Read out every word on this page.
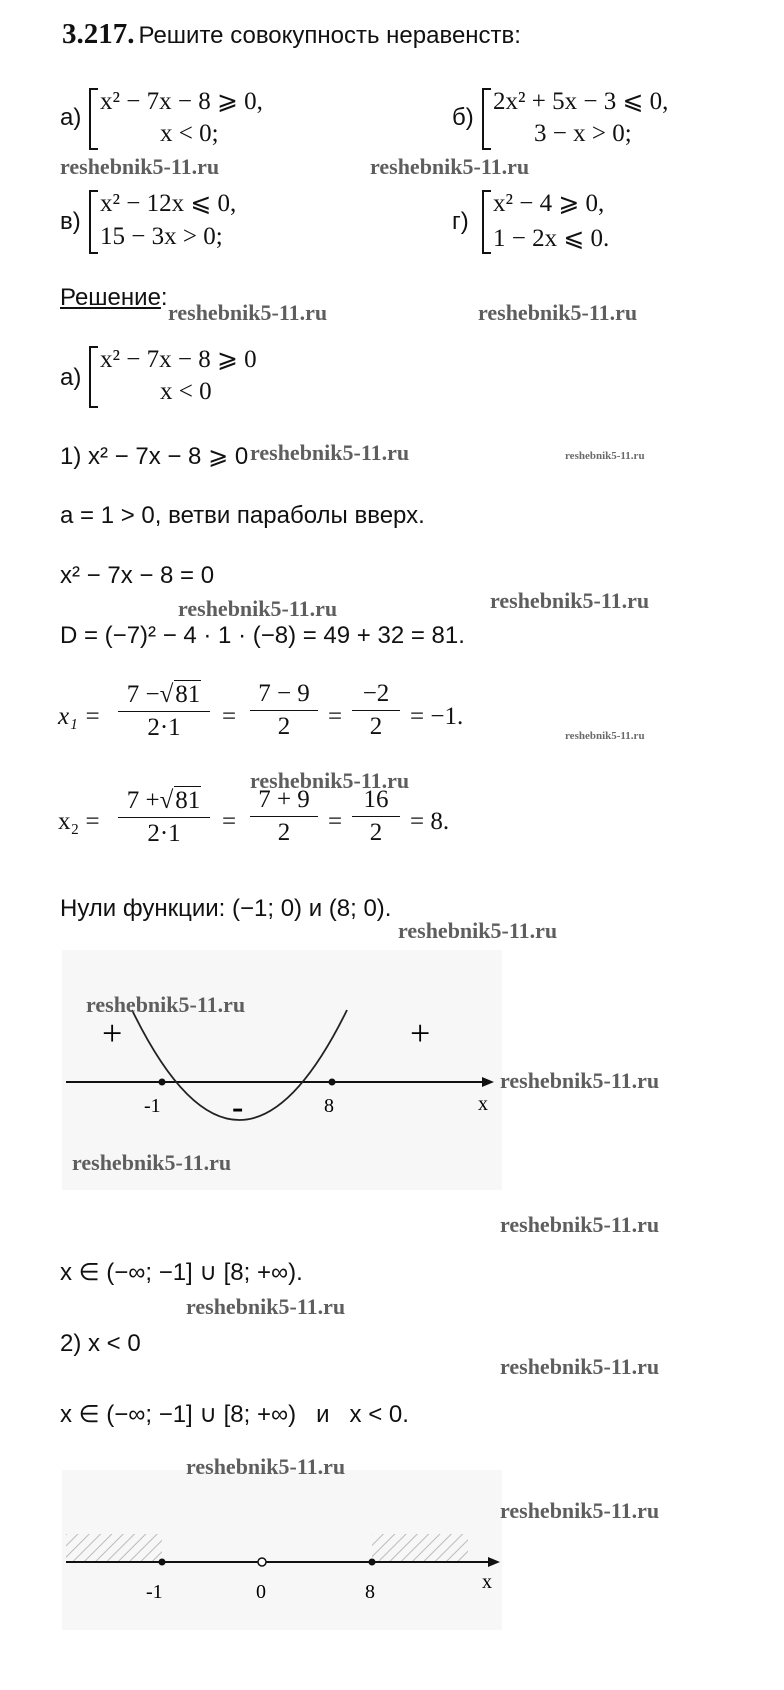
3.217. Решите совокупность неравенств:
а)
x² − 7x − 8 ⩾ 0,
x < 0;
б)
2x² + 5x − 3 ⩽ 0,
3 − x > 0;
в)
x² − 12x ⩽ 0,
15 − 3x > 0;
г)
x² − 4 ⩾ 0,
1 − 2x ⩽ 0.
Решение:
а)
x² − 7x − 8 ⩾ 0
x < 0
1) x² − 7x − 8 ⩾ 0
a = 1 > 0, ветви параболы вверх.
x² − 7x − 8 = 0
D = (−7)² − 4 · 1 · (−8) = 49 + 32 = 81.
x₁ =
7 −√81
2·1	=
7 − 9
2	=
−2
2	= −1.
x₂ =
7 +√81
2·1	=
7 + 9
2	=
16
2	= 8.
Нули функции: (−1; 0) и (8; 0).
+	+
-
-1	8	x
x ∈ (−∞; −1] ∪ [8; +∞).
2) x < 0
x ∈ (−∞; −1] ∪ [8; +∞) и x < 0.
-1	0	8	x
reshebnik5-11.ru	reshebnik5-11.ru
reshebnik5-11.ru	reshebnik5-11.ru
reshebnik5-11.ru	reshebnik5-11.ru
reshebnik5-11.ru	reshebnik5-11.ru
reshebnik5-11.ru
reshebnik5-11.ru
reshebnik5-11.ru
reshebnik5-11.ru
reshebnik5-11.ru
reshebnik5-11.ru
reshebnik5-11.ru
reshebnik5-11.ru
reshebnik5-11.ru
reshebnik5-11.ru
reshebnik5-11.ru
